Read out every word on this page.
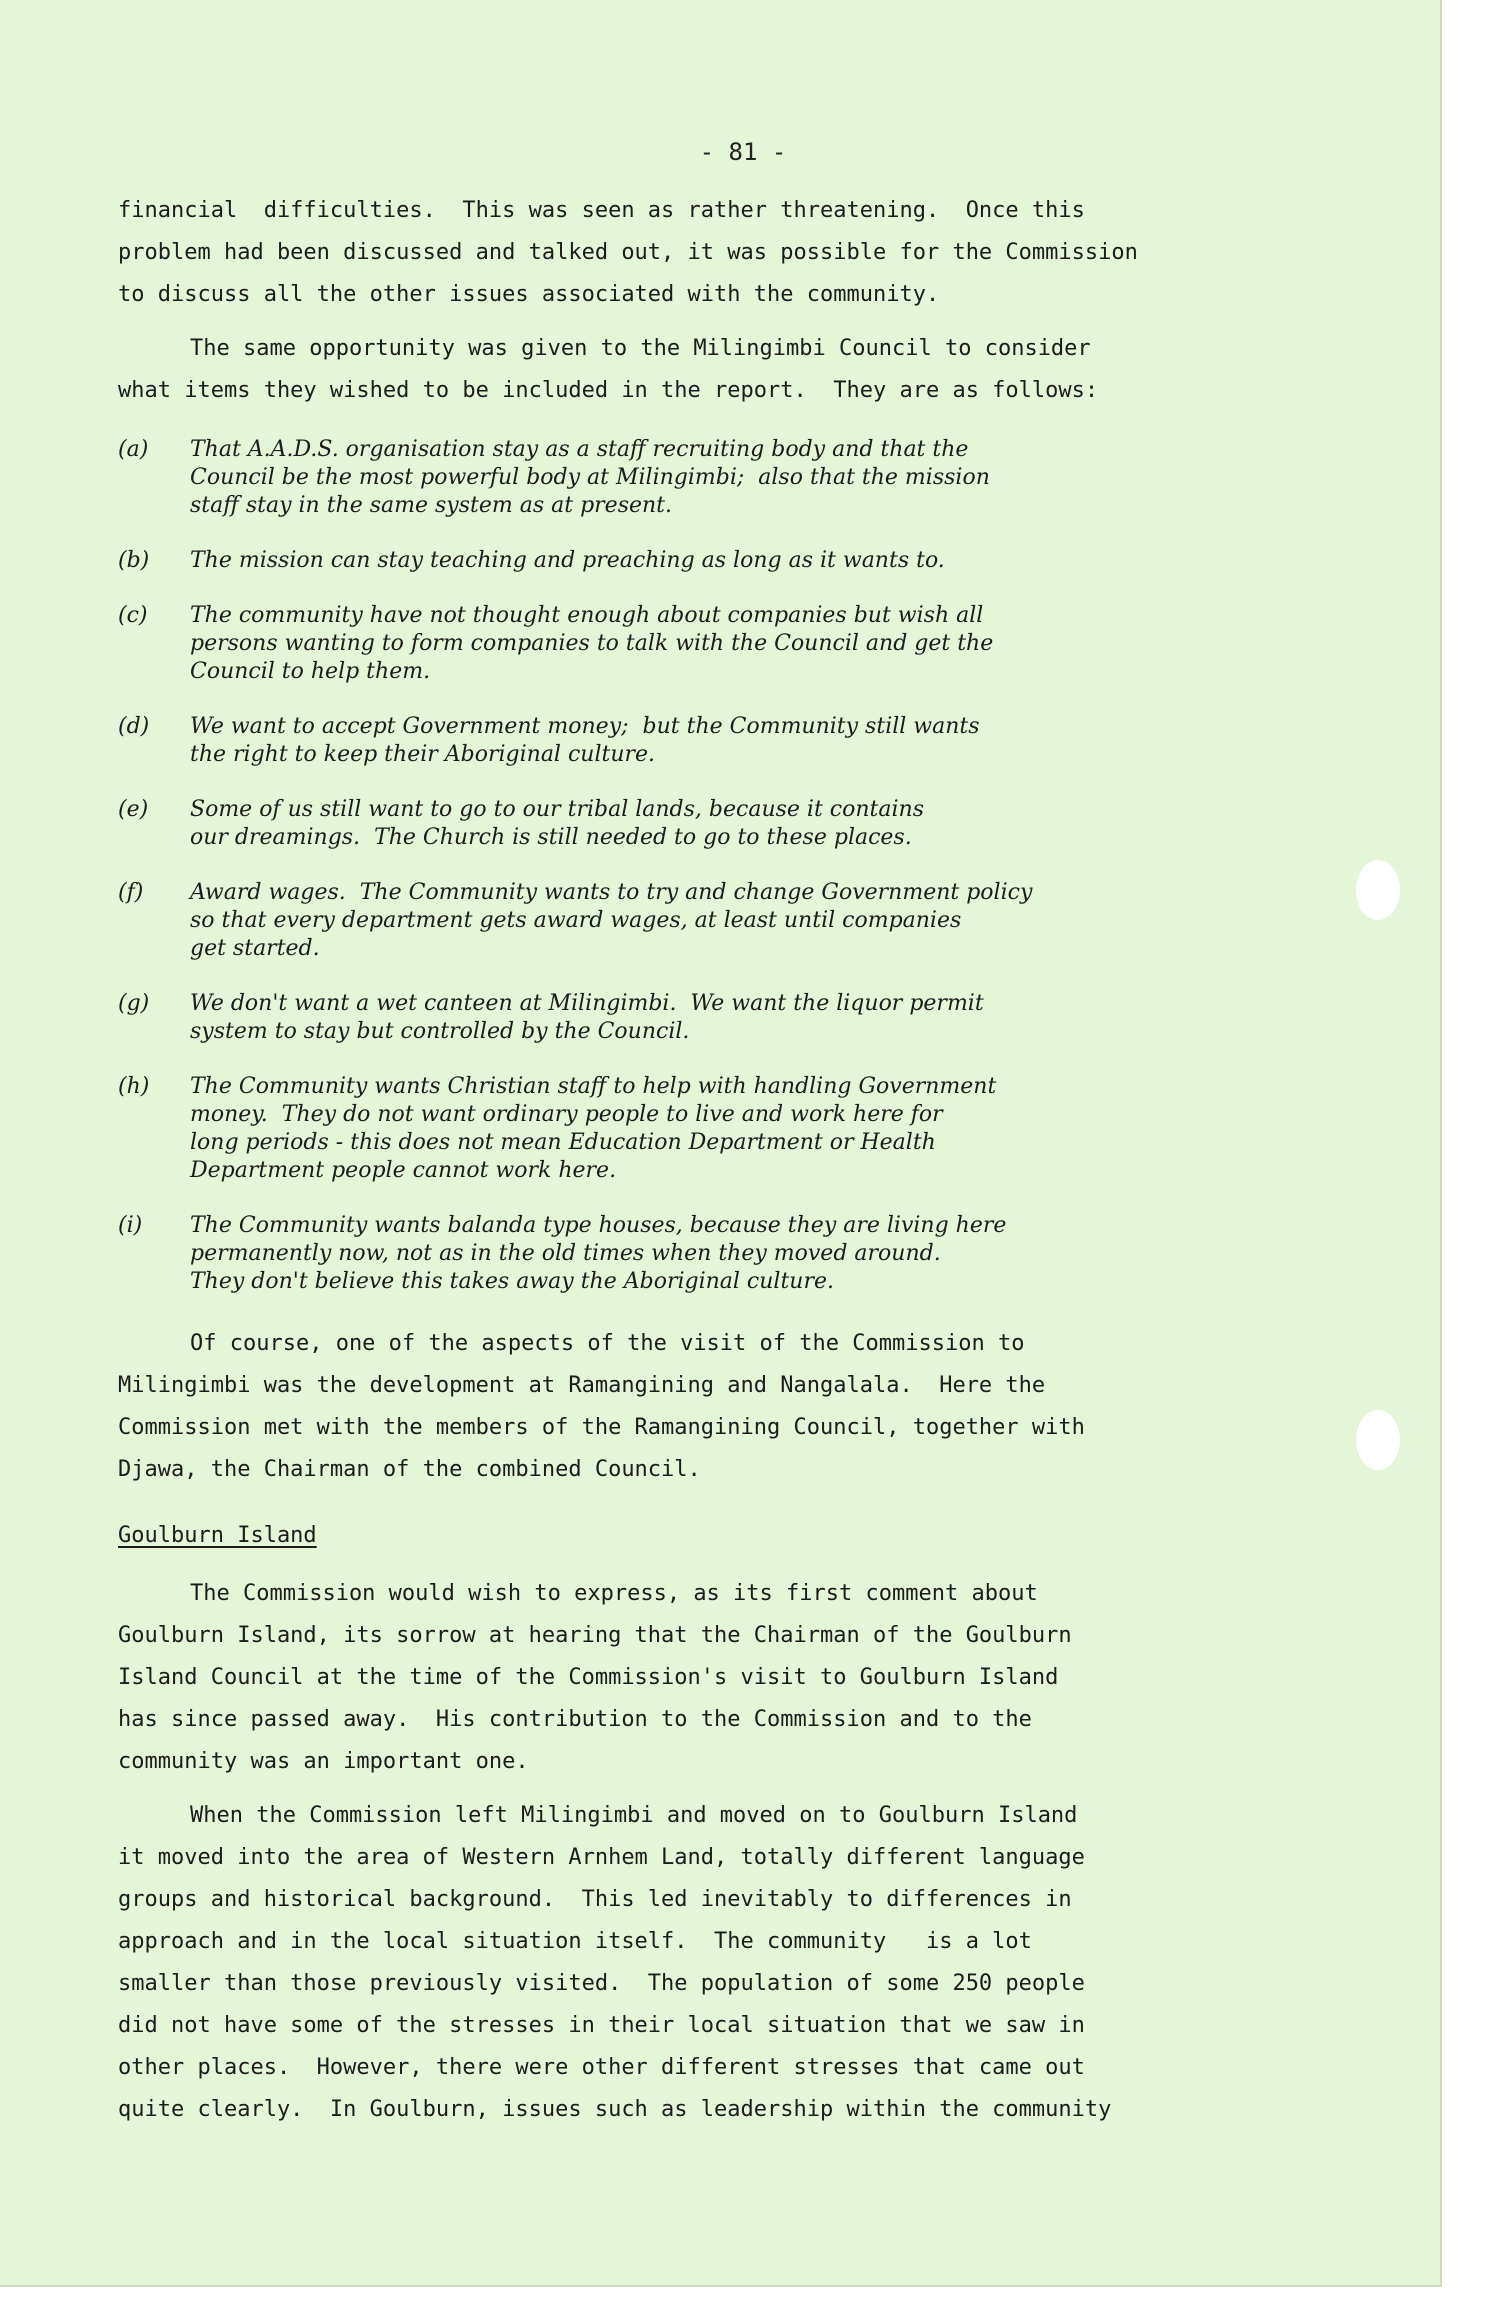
- 81 -

financial  difficulties.  This was seen as rather threatening.  Once this
problem had been discussed and talked out, it was possible for the Commission
to discuss all the other issues associated with the community.

The same opportunity was given to the Milingimbi Council to consider
what items they wished to be included in the report.  They are as follows:

(a)	That A.A.D.S. organisation stay as a staff recruiting body and that the
Council be the most powerful body at Milingimbi;  also that the mission
staff stay in the same system as at present.
(b)	The mission can stay teaching and preaching as long as it wants to.
(c)	The community have not thought enough about companies but wish all
persons wanting to form companies to talk with the Council and get the
Council to help them.
(d)	We want to accept Government money;  but the Community still wants
the right to keep their Aboriginal culture.
(e)	Some of us still want to go to our tribal lands, because it contains
our dreamings.  The Church is still needed to go to these places.
(f)	Award wages.  The Community wants to try and change Government policy
so that every department gets award wages, at least until companies
get started.
(g)	We don't want a wet canteen at Milingimbi.  We want the liquor permit
system to stay but controlled by the Council.
(h)	The Community wants Christian staff to help with handling Government
money.  They do not want ordinary people to live and work here for
long periods - this does not mean Education Department or Health
Department people cannot work here.
(i)	The Community wants balanda type houses, because they are living here
permanently now, not as in the old times when they moved around.
They don't believe this takes away the Aboriginal culture.

Of course, one of the aspects of the visit of the Commission to
Milingimbi was the development at Ramangining and Nangalala.  Here the
Commission met with the members of the Ramangining Council, together with
Djawa, the Chairman of the combined Council.

Goulburn Island

The Commission would wish to express, as its first comment about
Goulburn Island, its sorrow at hearing that the Chairman of the Goulburn
Island Council at the time of the Commission's visit to Goulburn Island
has since passed away.  His contribution to the Commission and to the
community was an important one.

When the Commission left Milingimbi and moved on to Goulburn Island
it moved into the area of Western Arnhem Land, totally different language
groups and historical background.  This led inevitably to differences in
approach and in the local situation itself.  The community   is a lot
smaller than those previously visited.  The population of some 250 people
did not have some of the stresses in their local situation that we saw in
other places.  However, there were other different stresses that came out
quite clearly.  In Goulburn, issues such as leadership within the community
